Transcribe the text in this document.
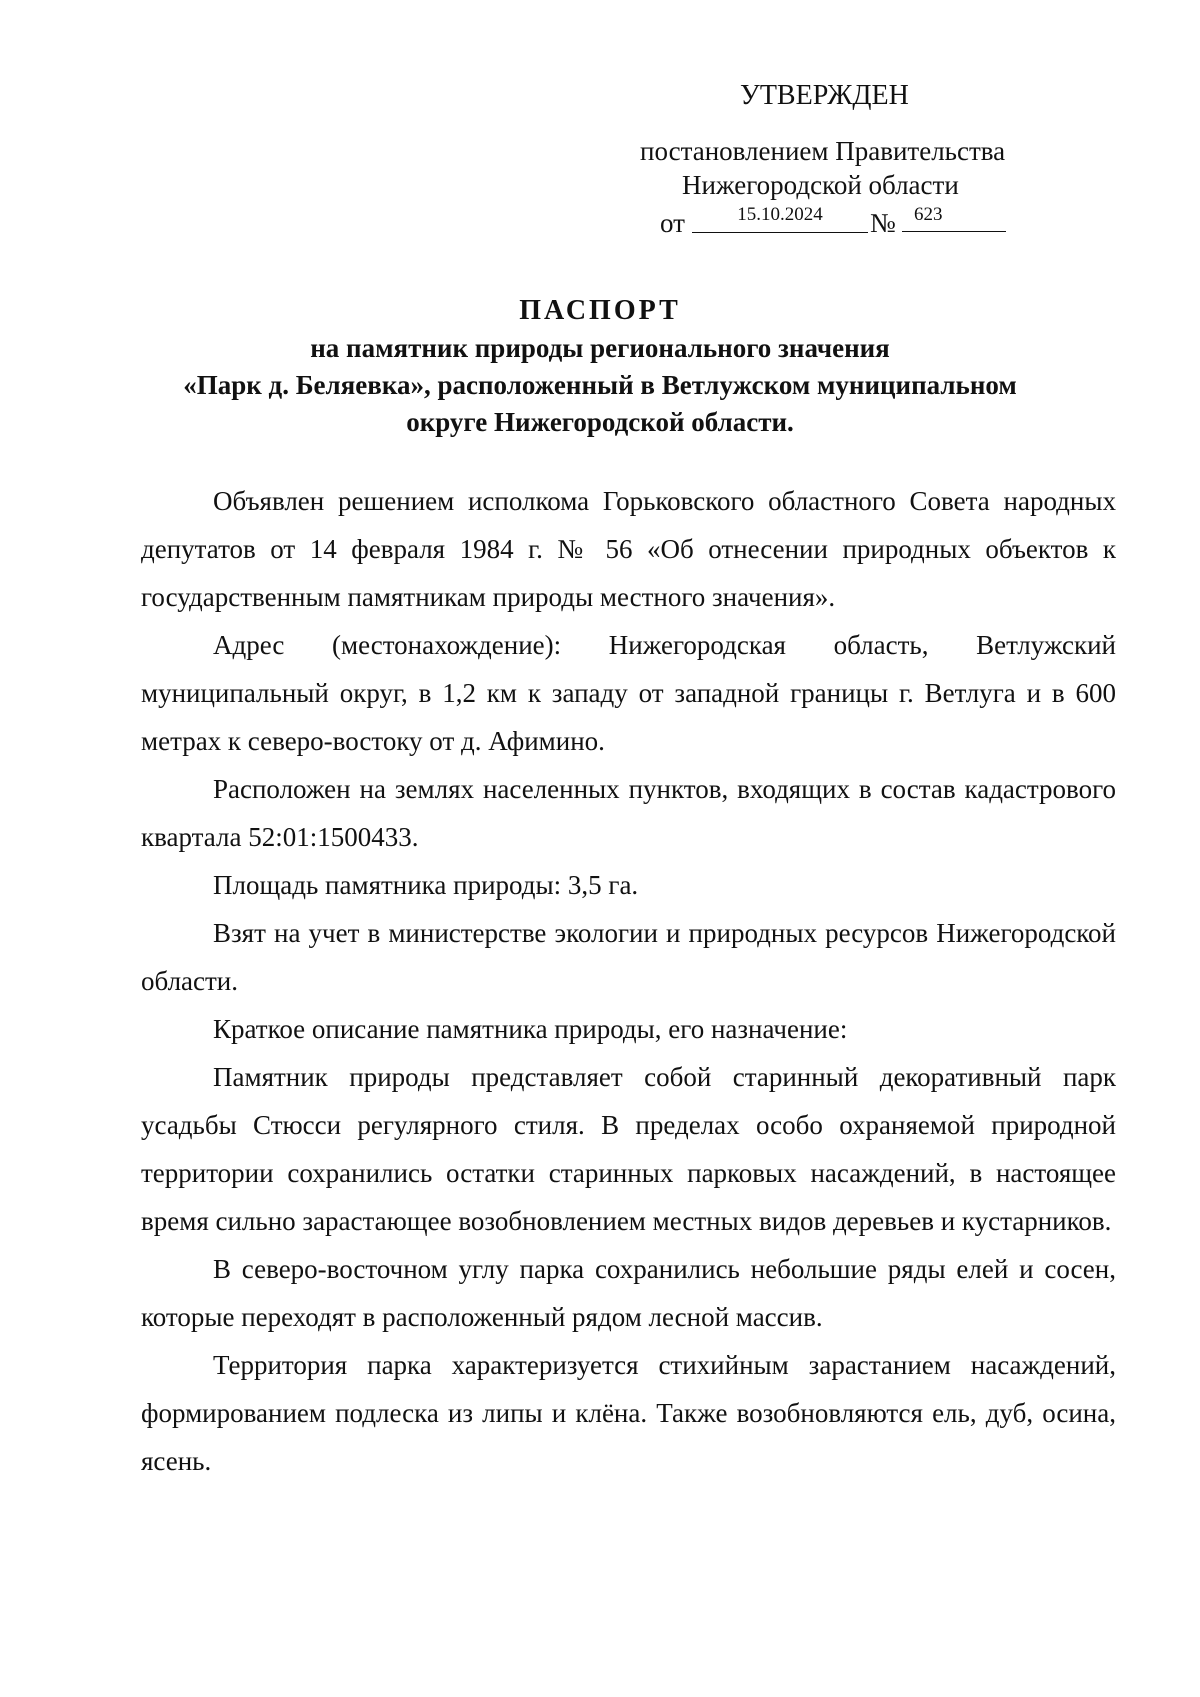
УТВЕРЖДЕН
постановлением Правительства
Нижегородской области
от	15.10.2024	№ 623
ПАСПОРТ
на памятник природы регионального значения
«Парк д. Беляевка», расположенный в Ветлужском муниципальном
округе Нижегородской области.

Объявлен решением исполкома Горьковского областного Совета народных депутатов от 14 февраля 1984 г. № 56 «Об отнесении природных объектов к государственным памятникам природы местного значения».

Адрес (местонахождение): Нижегородская область, Ветлужский муниципальный округ, в 1,2 км к западу от западной границы г. Ветлуга и в 600 метрах к северо-востоку от д. Афимино.

Расположен на землях населенных пунктов, входящих в состав кадастрового квартала 52:01:1500433.

Площадь памятника природы: 3,5 га.

Взят на учет в министерстве экологии и природных ресурсов Нижегородской области.

Краткое описание памятника природы, его назначение:

Памятник природы представляет собой старинный декоративный парк усадьбы Стюсси регулярного стиля. В пределах особо охраняемой природной территории сохранились остатки старинных парковых насаждений, в настоящее время сильно зарастающее возобновлением местных видов деревьев и кустарников.

В северо-восточном углу парка сохранились небольшие ряды елей и сосен, которые переходят в расположенный рядом лесной массив.

Территория парка характеризуется стихийным зарастанием насаждений, формированием подлеска из липы и клёна. Также возобновляются ель, дуб, осина, ясень.
